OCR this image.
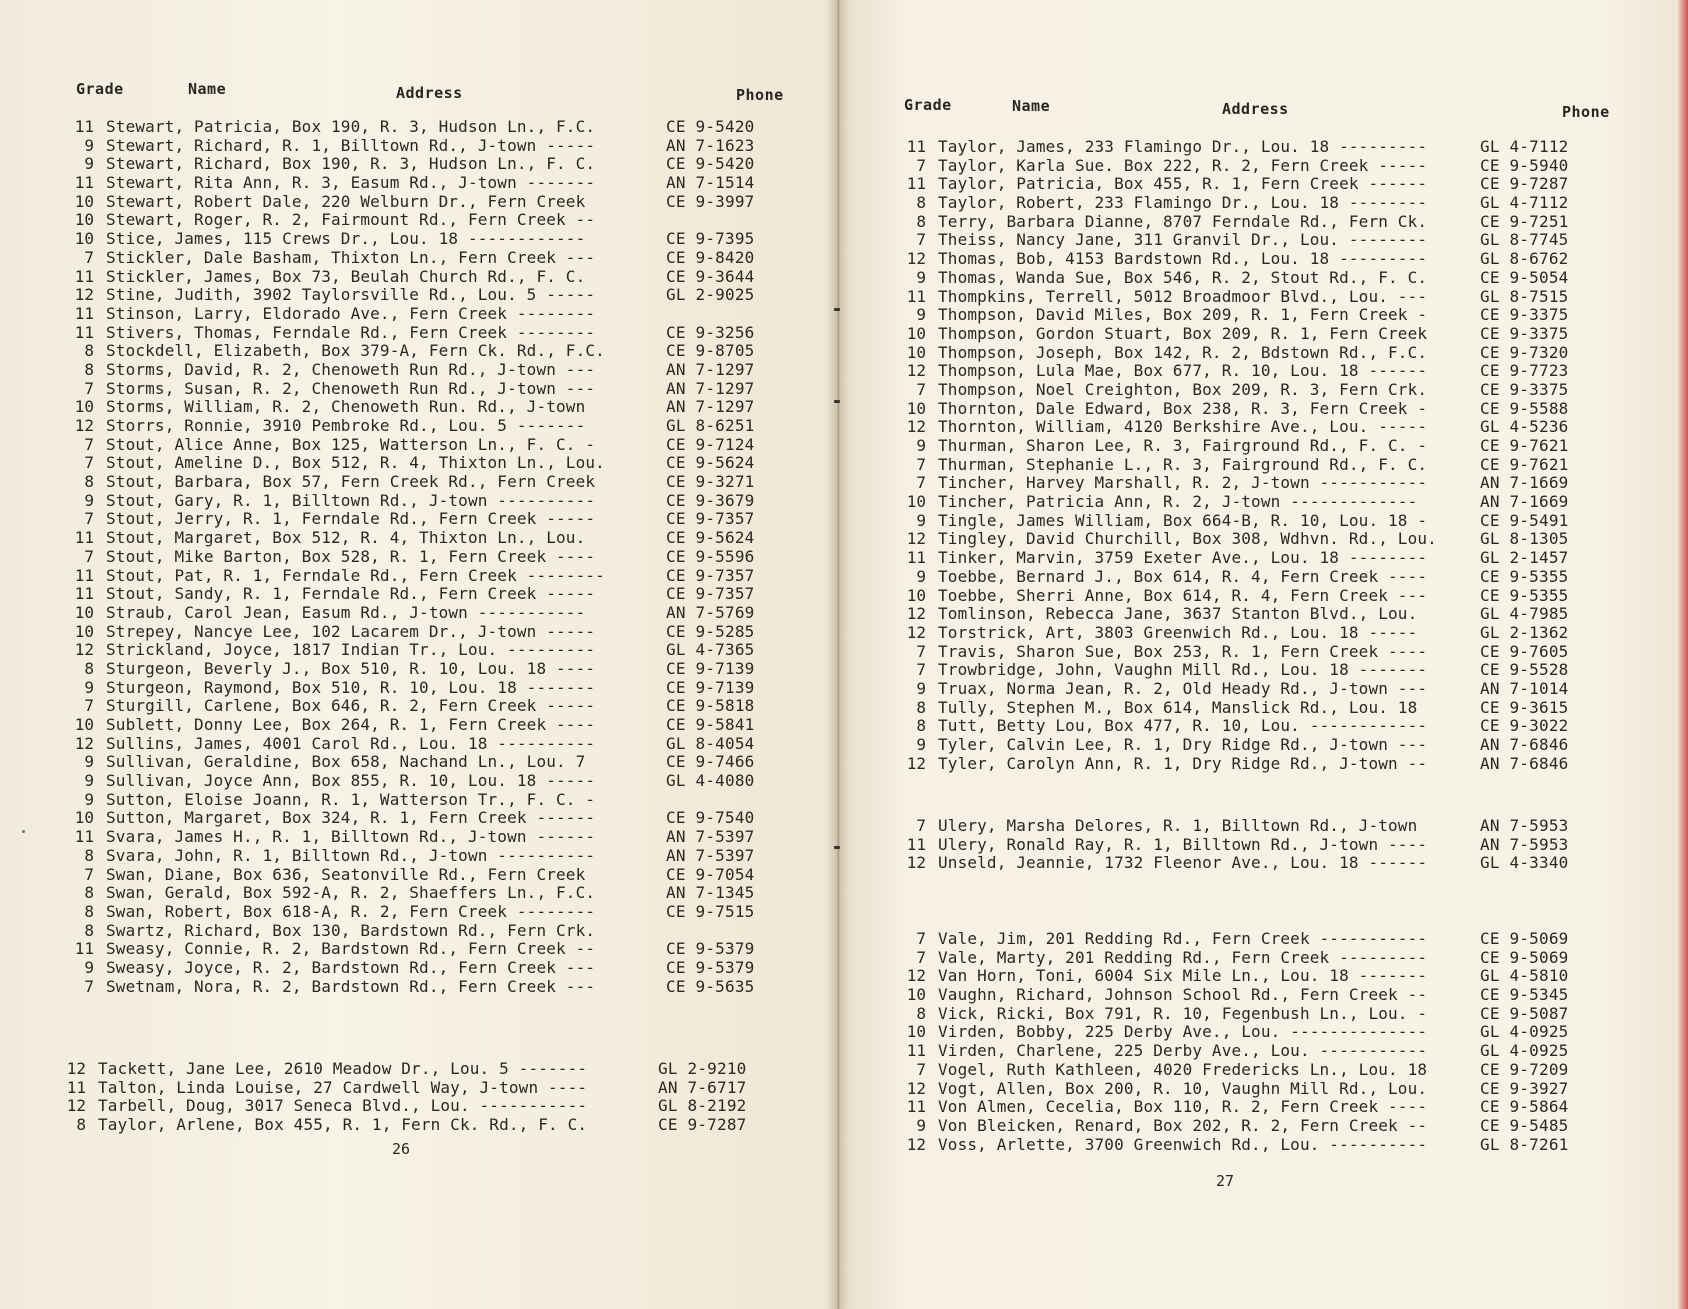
Grade	Name	Address	Phone
11 Stewart, Patricia, Box 190, R. 3, Hudson Ln., F.C.	CE 9-5420
9 Stewart, Richard, R. 1, Billtown Rd., J-town -----	AN 7-1623
9 Stewart, Richard, Box 190, R. 3, Hudson Ln., F. C.	CE 9-5420
11 Stewart, Rita Ann, R. 3, Easum Rd., J-town -------	AN 7-1514
10 Stewart, Robert Dale, 220 Welburn Dr., Fern Creek	CE 9-3997
10 Stewart, Roger, R. 2, Fairmount Rd., Fern Creek --
10 Stice, James, 115 Crews Dr., Lou. 18 ------------	CE 9-7395
7 Stickler, Dale Basham, Thixton Ln., Fern Creek ---	CE 9-8420
11 Stickler, James, Box 73, Beulah Church Rd., F. C.	CE 9-3644
12 Stine, Judith, 3902 Taylorsville Rd., Lou. 5 -----	GL 2-9025
11 Stinson, Larry, Eldorado Ave., Fern Creek --------
11 Stivers, Thomas, Ferndale Rd., Fern Creek --------	CE 9-3256
8 Stockdell, Elizabeth, Box 379-A, Fern Ck. Rd., F.C.	CE 9-8705
8 Storms, David, R. 2, Chenoweth Run Rd., J-town ---	AN 7-1297
7 Storms, Susan, R. 2, Chenoweth Run Rd., J-town ---	AN 7-1297
10 Storms, William, R. 2, Chenoweth Run. Rd., J-town	AN 7-1297
12 Storrs, Ronnie, 3910 Pembroke Rd., Lou. 5 -------	GL 8-6251
7 Stout, Alice Anne, Box 125, Watterson Ln., F. C. -	CE 9-7124
7 Stout, Ameline D., Box 512, R. 4, Thixton Ln., Lou.	CE 9-5624
8 Stout, Barbara, Box 57, Fern Creek Rd., Fern Creek	CE 9-3271
9 Stout, Gary, R. 1, Billtown Rd., J-town ----------	CE 9-3679
7 Stout, Jerry, R. 1, Ferndale Rd., Fern Creek -----	CE 9-7357
11 Stout, Margaret, Box 512, R. 4, Thixton Ln., Lou.	CE 9-5624
7 Stout, Mike Barton, Box 528, R. 1, Fern Creek ----	CE 9-5596
11 Stout, Pat, R. 1, Ferndale Rd., Fern Creek --------	CE 9-7357
11 Stout, Sandy, R. 1, Ferndale Rd., Fern Creek -----	CE 9-7357
10 Straub, Carol Jean, Easum Rd., J-town -----------	AN 7-5769
10 Strepey, Nancye Lee, 102 Lacarem Dr., J-town -----	CE 9-5285
12 Strickland, Joyce, 1817 Indian Tr., Lou. ---------	GL 4-7365
8 Sturgeon, Beverly J., Box 510, R. 10, Lou. 18 ----	CE 9-7139
9 Sturgeon, Raymond, Box 510, R. 10, Lou. 18 -------	CE 9-7139
7 Sturgill, Carlene, Box 646, R. 2, Fern Creek -----	CE 9-5818
10 Sublett, Donny Lee, Box 264, R. 1, Fern Creek ----	CE 9-5841
12 Sullins, James, 4001 Carol Rd., Lou. 18 ----------	GL 8-4054
9 Sullivan, Geraldine, Box 658, Nachand Ln., Lou. 7	CE 9-7466
9 Sullivan, Joyce Ann, Box 855, R. 10, Lou. 18 -----	GL 4-4080
9 Sutton, Eloise Joann, R. 1, Watterson Tr., F. C. -
10 Sutton, Margaret, Box 324, R. 1, Fern Creek ------	CE 9-7540
11 Svara, James H., R. 1, Billtown Rd., J-town ------	AN 7-5397
8 Svara, John, R. 1, Billtown Rd., J-town ----------	AN 7-5397
7 Swan, Diane, Box 636, Seatonville Rd., Fern Creek	CE 9-7054
8 Swan, Gerald, Box 592-A, R. 2, Shaeffers Ln., F.C.	AN 7-1345
8 Swan, Robert, Box 618-A, R. 2, Fern Creek --------	CE 9-7515
8 Swartz, Richard, Box 130, Bardstown Rd., Fern Crk.
11 Sweasy, Connie, R. 2, Bardstown Rd., Fern Creek --	CE 9-5379
9 Sweasy, Joyce, R. 2, Bardstown Rd., Fern Creek ---	CE 9-5379
7 Swetnam, Nora, R. 2, Bardstown Rd., Fern Creek ---	CE 9-5635
12 Tackett, Jane Lee, 2610 Meadow Dr., Lou. 5 -------	GL 2-9210
11 Talton, Linda Louise, 27 Cardwell Way, J-town ----	AN 7-6717
12 Tarbell, Doug, 3017 Seneca Blvd., Lou. -----------	GL 8-2192
8 Taylor, Arlene, Box 455, R. 1, Fern Ck. Rd., F. C.	CE 9-7287
26
Grade	Name	Address	Phone
11 Taylor, James, 233 Flamingo Dr., Lou. 18 ---------	GL 4-7112
7 Taylor, Karla Sue. Box 222, R. 2, Fern Creek -----	CE 9-5940
11 Taylor, Patricia, Box 455, R. 1, Fern Creek ------	CE 9-7287
8 Taylor, Robert, 233 Flamingo Dr., Lou. 18 --------	GL 4-7112
8 Terry, Barbara Dianne, 8707 Ferndale Rd., Fern Ck.	CE 9-7251
7 Theiss, Nancy Jane, 311 Granvil Dr., Lou. --------	GL 8-7745
12 Thomas, Bob, 4153 Bardstown Rd., Lou. 18 ---------	GL 8-6762
9 Thomas, Wanda Sue, Box 546, R. 2, Stout Rd., F. C.	CE 9-5054
11 Thompkins, Terrell, 5012 Broadmoor Blvd., Lou. ---	GL 8-7515
9 Thompson, David Miles, Box 209, R. 1, Fern Creek -	CE 9-3375
10 Thompson, Gordon Stuart, Box 209, R. 1, Fern Creek	CE 9-3375
10 Thompson, Joseph, Box 142, R. 2, Bdstown Rd., F.C.	CE 9-7320
12 Thompson, Lula Mae, Box 677, R. 10, Lou. 18 ------	CE 9-7723
7 Thompson, Noel Creighton, Box 209, R. 3, Fern Crk.	CE 9-3375
10 Thornton, Dale Edward, Box 238, R. 3, Fern Creek -	CE 9-5588
12 Thornton, William, 4120 Berkshire Ave., Lou. -----	GL 4-5236
9 Thurman, Sharon Lee, R. 3, Fairground Rd., F. C. -	CE 9-7621
7 Thurman, Stephanie L., R. 3, Fairground Rd., F. C.	CE 9-7621
7 Tincher, Harvey Marshall, R. 2, J-town -----------	AN 7-1669
10 Tincher, Patricia Ann, R. 2, J-town -------------	AN 7-1669
9 Tingle, James William, Box 664-B, R. 10, Lou. 18 -	CE 9-5491
12 Tingley, David Churchill, Box 308, Wdhvn. Rd., Lou.	GL 8-1305
11 Tinker, Marvin, 3759 Exeter Ave., Lou. 18 --------	GL 2-1457
9 Toebbe, Bernard J., Box 614, R. 4, Fern Creek ----	CE 9-5355
10 Toebbe, Sherri Anne, Box 614, R. 4, Fern Creek ---	CE 9-5355
12 Tomlinson, Rebecca Jane, 3637 Stanton Blvd., Lou.	GL 4-7985
12 Torstrick, Art, 3803 Greenwich Rd., Lou. 18 -----	GL 2-1362
7 Travis, Sharon Sue, Box 253, R. 1, Fern Creek ----	CE 9-7605
7 Trowbridge, John, Vaughn Mill Rd., Lou. 18 -------	CE 9-5528
9 Truax, Norma Jean, R. 2, Old Heady Rd., J-town ---	AN 7-1014
8 Tully, Stephen M., Box 614, Manslick Rd., Lou. 18	CE 9-3615
8 Tutt, Betty Lou, Box 477, R. 10, Lou. ------------	CE 9-3022
9 Tyler, Calvin Lee, R. 1, Dry Ridge Rd., J-town ---	AN 7-6846
12 Tyler, Carolyn Ann, R. 1, Dry Ridge Rd., J-town --	AN 7-6846
7 Ulery, Marsha Delores, R. 1, Billtown Rd., J-town	AN 7-5953
11 Ulery, Ronald Ray, R. 1, Billtown Rd., J-town ----	AN 7-5953
12 Unseld, Jeannie, 1732 Fleenor Ave., Lou. 18 ------	GL 4-3340
7 Vale, Jim, 201 Redding Rd., Fern Creek -----------	CE 9-5069
7 Vale, Marty, 201 Redding Rd., Fern Creek ---------	CE 9-5069
12 Van Horn, Toni, 6004 Six Mile Ln., Lou. 18 -------	GL 4-5810
10 Vaughn, Richard, Johnson School Rd., Fern Creek --	CE 9-5345
8 Vick, Ricki, Box 791, R. 10, Fegenbush Ln., Lou. -	CE 9-5087
10 Virden, Bobby, 225 Derby Ave., Lou. --------------	GL 4-0925
11 Virden, Charlene, 225 Derby Ave., Lou. -----------	GL 4-0925
7 Vogel, Ruth Kathleen, 4020 Fredericks Ln., Lou. 18	CE 9-7209
12 Vogt, Allen, Box 200, R. 10, Vaughn Mill Rd., Lou.	CE 9-3927
11 Von Almen, Cecelia, Box 110, R. 2, Fern Creek ----	CE 9-5864
9 Von Bleicken, Renard, Box 202, R. 2, Fern Creek --	CE 9-5485
12 Voss, Arlette, 3700 Greenwich Rd., Lou. ----------	GL 8-7261
27
